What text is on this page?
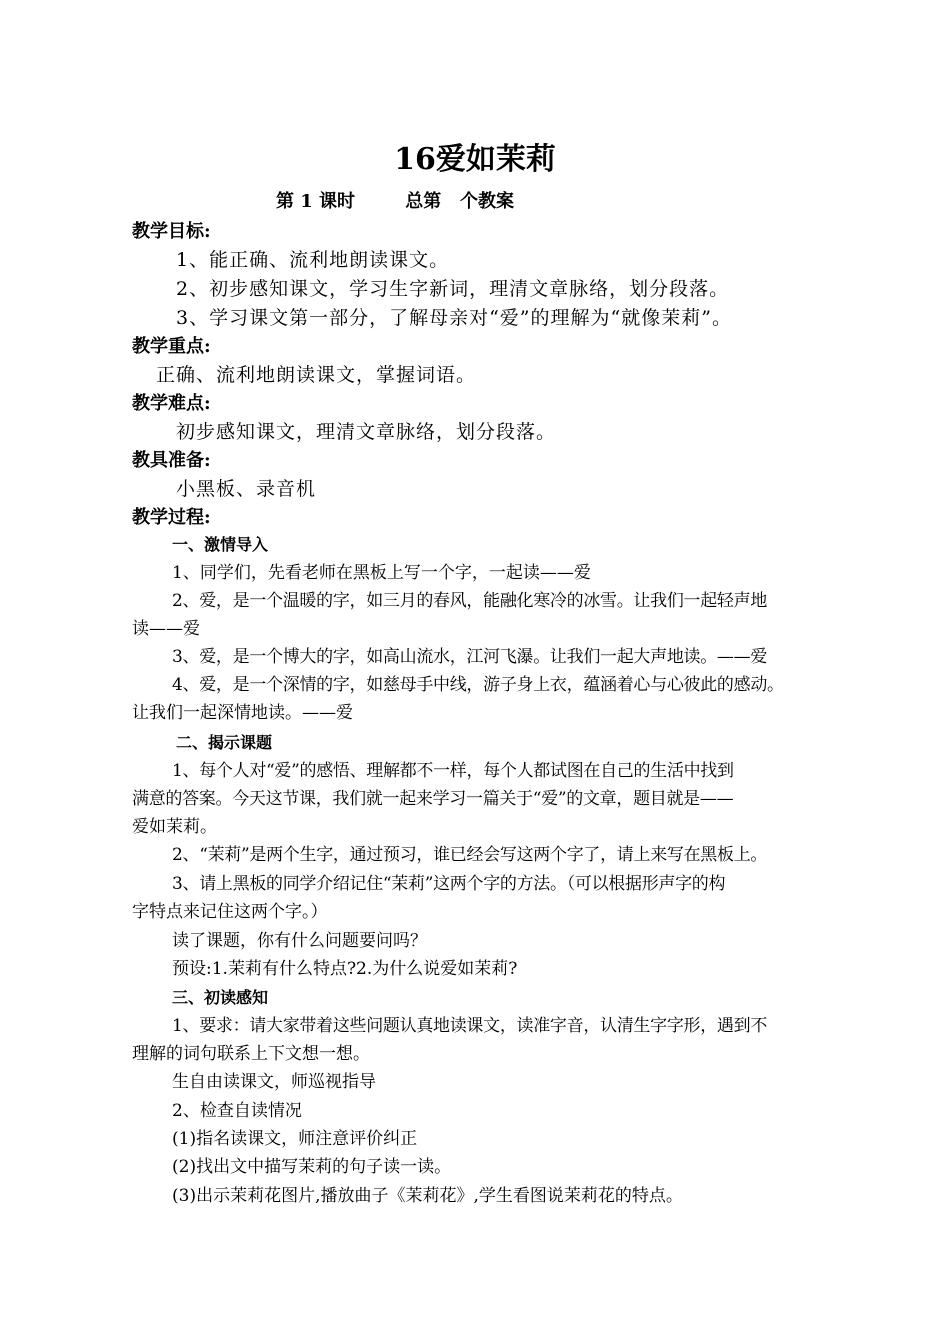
16爱如茉莉
第 1 课时        总第   个教案
教学目标:
1、能正确、流利地朗读课文。
2、初步感知课文，学习生字新词，理清文章脉络，划分段落。
3、学习课文第一部分，了解母亲对“爱”的理解为“就像茉莉”。
教学重点:
正确、流利地朗读课文，掌握词语。
教学难点:
初步感知课文，理清文章脉络，划分段落。
教具准备:
小黑板、录音机
教学过程:
一、激情导入
1、同学们，先看老师在黑板上写一个字，一起读——爱
2、爱，是一个温暖的字，如三月的春风，能融化寒冷的冰雪。让我们一起轻声地
读——爱
3、爱，是一个博大的字，如高山流水，江河飞瀑。让我们一起大声地读。——爱
4、爱，是一个深情的字，如慈母手中线，游子身上衣，蕴涵着心与心彼此的感动。
让我们一起深情地读。——爱
二、揭示课题
1、每个人对“爱”的感悟、理解都不一样，每个人都试图在自己的生活中找到
满意的答案。今天这节课，我们就一起来学习一篇关于“爱”的文章，题目就是——
爱如茉莉。
2、“茉莉”是两个生字，通过预习，谁已经会写这两个字了，请上来写在黑板上。
3、请上黑板的同学介绍记住“茉莉”这两个字的方法。（可以根据形声字的构
字特点来记住这两个字。）
读了课题，你有什么问题要问吗？
预设:1.茉莉有什么特点?2.为什么说爱如茉莉?
三、初读感知
1、要求：请大家带着这些问题认真地读课文，读准字音，认清生字字形，遇到不
理解的词句联系上下文想一想。
生自由读课文，师巡视指导
2、检查自读情况
(1)指名读课文，师注意评价纠正
(2)找出文中描写茉莉的句子读一读。
(3)出示茉莉花图片,播放曲子《茉莉花》,学生看图说茉莉花的特点。
